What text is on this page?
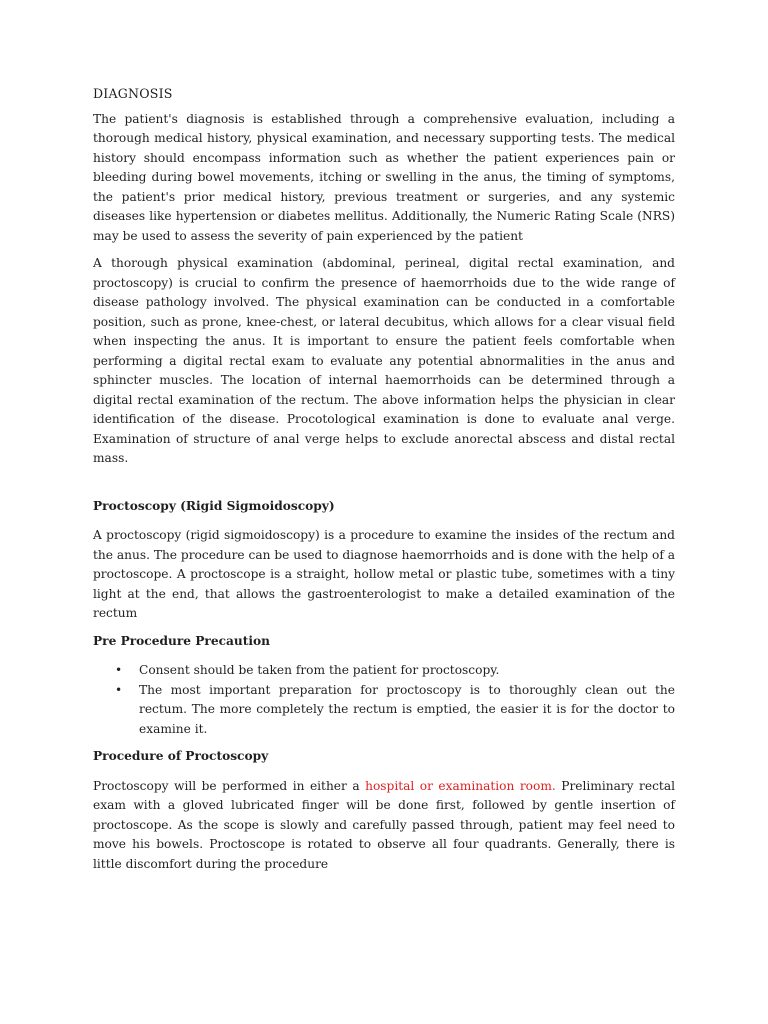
DIAGNOSIS

The patient's diagnosis is established through a comprehensive evaluation, including a thorough medical history, physical examination, and necessary supporting tests. The medical history should encompass information such as whether the patient experiences pain or bleeding during bowel movements, itching or swelling in the anus, the timing of symptoms, the patient's prior medical history, previous treatment or surgeries, and any systemic diseases like hypertension or diabetes mellitus. Additionally, the Numeric Rating Scale (NRS) may be used to assess the severity of pain experienced by the patient

A thorough physical examination (abdominal, perineal, digital rectal examination, and proctoscopy) is crucial to confirm the presence of haemorrhoids due to the wide range of disease pathology involved. The physical examination can be conducted in a comfortable position, such as prone, knee-chest, or lateral decubitus, which allows for a clear visual field when inspecting the anus. It is important to ensure the patient feels comfortable when performing a digital rectal exam to evaluate any potential abnormalities in the anus and sphincter muscles. The location of internal haemorrhoids can be determined through a digital rectal examination of the rectum. The above information helps the physician in clear identification of the disease. Procotological examination is done to evaluate anal verge. Examination of structure of anal verge helps to exclude anorectal abscess and distal rectal mass.

Proctoscopy (Rigid Sigmoidoscopy)

A proctoscopy (rigid sigmoidoscopy) is a procedure to examine the insides of the rectum and the anus. The procedure can be used to diagnose haemorrhoids and is done with the help of a proctoscope. A proctoscope is a straight, hollow metal or plastic tube, sometimes with a tiny light at the end, that allows the gastroenterologist to make a detailed examination of the rectum

Pre Procedure Precaution
• Consent should be taken from the patient for proctoscopy.
• The most important preparation for proctoscopy is to thoroughly clean out the rectum. The more completely the rectum is emptied, the easier it is for the doctor to examine it.
Procedure of Proctoscopy

Proctoscopy will be performed in either a hospital or examination room. Preliminary rectal exam with a gloved lubricated finger will be done first, followed by gentle insertion of proctoscope. As the scope is slowly and carefully passed through, patient may feel need to move his bowels. Proctoscope is rotated to observe all four quadrants. Generally, there is little discomfort during the procedure
